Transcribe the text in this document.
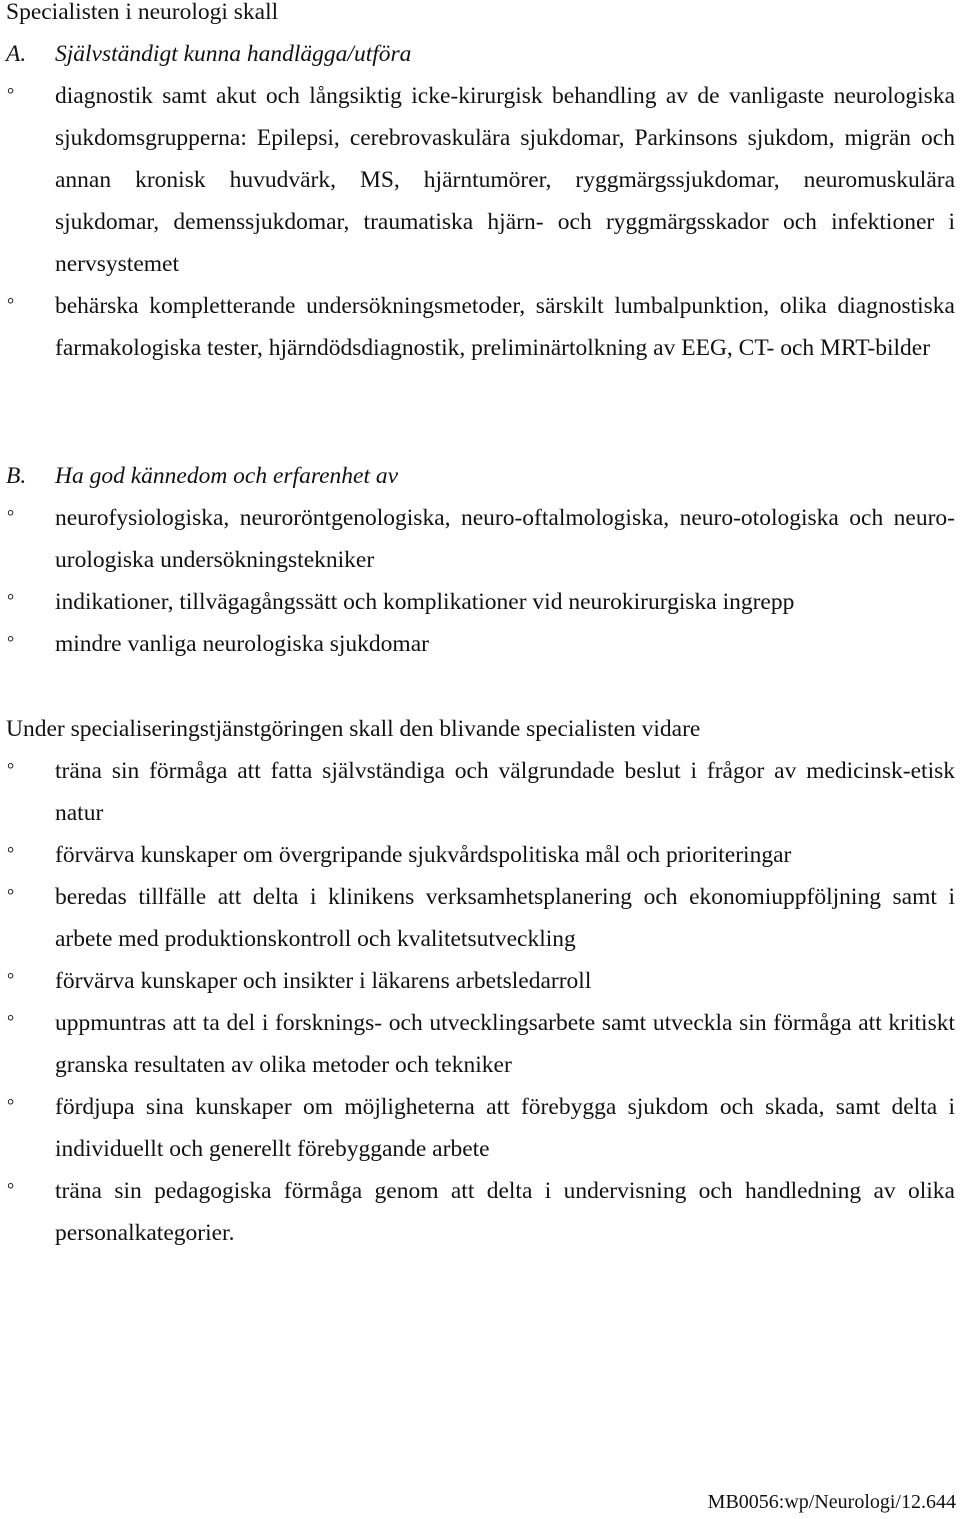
Specialisten i neurologi skall
A. Självständigt kunna handlägga/utföra
° diagnostik samt akut och långsiktig icke-kirurgisk behandling av de vanligaste neurologiska sjukdomsgrupperna: Epilepsi, cerebrovaskulära sjukdomar, Parkinsons sjukdom, migrän och annan kronisk huvudvärk, MS, hjärntumörer, ryggmärgssjukdomar, neuromuskulära sjukdomar, demenssjukdomar, traumatiska hjärn- och ryggmärgsskador och infektioner i nervsystemet
° behärska kompletterande undersökningsmetoder, särskilt lumbalpunktion, olika diagnostiska farmakologiska tester, hjärndödsdiagnostik, preliminärtolkning av EEG, CT- och MRT-bilder
B. Ha god kännedom och erfarenhet av
° neurofysiologiska, neuroröntgenologiska, neuro-oftalmologiska, neuro-otologiska och neuro-urologiska undersökningstekniker
° indikationer, tillvägagångssätt och komplikationer vid neurokirurgiska ingrepp
° mindre vanliga neurologiska sjukdomar
Under specialiseringstjänstgöringen skall den blivande specialisten vidare
° träna sin förmåga att fatta självständiga och välgrundade beslut i frågor av medicinsk-etisk natur
° förvärva kunskaper om övergripande sjukvårdspolitiska mål och prioriteringar
° beredas tillfälle att delta i klinikens verksamhetsplanering och ekonomiuppföljning samt i arbete med produktionskontroll och kvalitetsutveckling
° förvärva kunskaper och insikter i läkarens arbetsledarroll
° uppmuntras att ta del i forsknings- och utvecklingsarbete samt utveckla sin förmåga att kritiskt granska resultaten av olika metoder och tekniker
° fördjupa sina kunskaper om möjligheterna att förebygga sjukdom och skada, samt delta i individuellt och generellt förebyggande arbete
° träna sin pedagogiska förmåga genom att delta i undervisning och handledning av olika personalkategorier.
MB0056:wp/Neurologi/12.644
